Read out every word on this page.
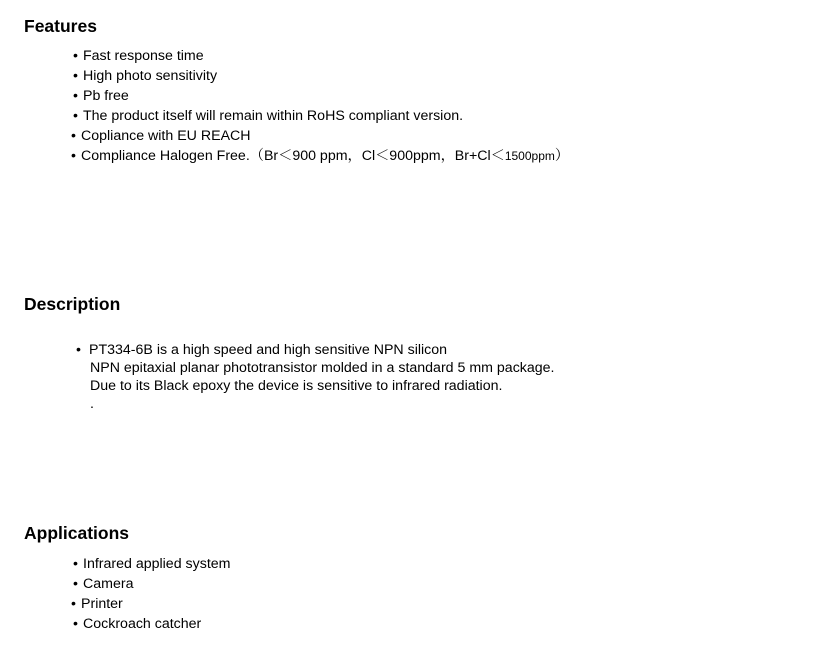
Features
• Fast response time
• High photo sensitivity
• Pb free
• The product itself will remain within RoHS compliant version.
• Copliance with EU REACH
• Compliance Halogen Free.（Br＜900 ppm，Cl＜900ppm，Br+Cl＜1500ppm）
Description
• PT334-6B is a high speed and high sensitive NPN silicon
NPN epitaxial planar phototransistor molded in a standard 5 mm package.
Due to its Black epoxy the device is sensitive to infrared radiation.
.
Applications
• Infrared applied system
• Camera
• Printer
• Cockroach catcher
